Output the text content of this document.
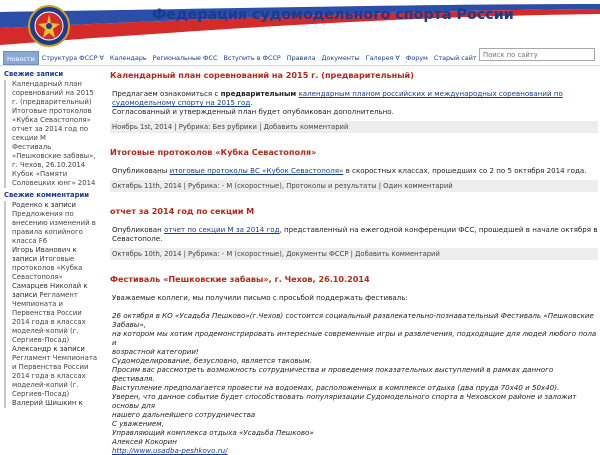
Федерация судомодельного спорта России
Новости	Структура ФССР ∀ Календарь Региональные ФСС Вступить в ФССР Правила Документы Галерея ∀ Форум Старый сайт
Поиск по сайту
Свежие записи
Календарный план соревнований на 2015 г. (предварительный)
Итоговые протоколов «Кубка Севастополя»
отчет за 2014 год по секции М
Фестиваль «Пешковские забавы», г. Чехов, 26.10.2014
Кубок «Памяти Соловецких юнг» 2014
Свежие комментарии
Роденко к записи Предложения по внесению изменений в правила копийного класса F6
Игорь Иванович к записи Итоговые протоколов «Кубка Севастополя»
Самарцев Николай к записи Регламент Чемпионата и Первенства России 2014 года в классах моделей-копий (г. Сергиев-Посад)
Александр к записи Регламент Чемпионата и Первенства России 2014 года в классах моделей-копий (г. Сергиев-Посад)
Валерий Шишкин к
Календарный план соревнований на 2015 г. (предварительный)
Предлагаем ознакомиться с предварительным календарным планом российских и международных соревнований по судомодельному спорту на 2015 год.
Согласованный и утвержденный план будет опубликован дополнительно.
Ноябрь 1st, 2014 | Рубрика: Без рубрики | Добавить комментарий
Итоговые протоколов «Кубка Севастополя»
Опубликованы итоговые протоколы ВС «Кубок Севастополя» в скоростных классах, прошедших со 2 по 5 октября 2014 года.
Октябрь 11th, 2014 | Рубрика: - М (скоростные), Протоколы и результаты | Один комментарий
отчет за 2014 год по секции М
Опубликован отчет по секции М за 2014 год, представленный на ежегодной конференции ФСС, прошедшей в начале октября в Севастополе.
Октябрь 10th, 2014 | Рубрика: - М (скоростные), Документы ФССР | Добавить комментарий
Фестиваль «Пешковские забавы», г. Чехов, 26.10.2014
Уважаемые коллеги, мы получили письмо с просьбой поддержать фестиваль:
26 октября в КО «Усадьба Пешково»(г.Чехов) состоится социальный развлекательно-познавательный Фестиваль «Пешковские Забавы»,
на котором мы хотим продемонстрировать интересные современные игры и развлечения, подходящие для людей любого пола и
возрастной категории!
Судомоделирование, безусловно, является таковым.
Просим вас рассмотреть возможность сотрудничества и проведения показательных выступлений в рамках данного фестиваля.
Выступление предполагается провести на водоемах, расположенных в комплексе отдыха (два пруда 70х40 и 50х40).
Уверен, что данное событие будет способствовать популяризации Судомодельного спорта в Чеховском районе и заложит основы для
нашего дальнейшего сотрудничества
С уважением,
Управляющий комплекса отдыха «Усадьба Пешково»
Алексей Кокорин
http://www.usadba-peshkovo.ru/
